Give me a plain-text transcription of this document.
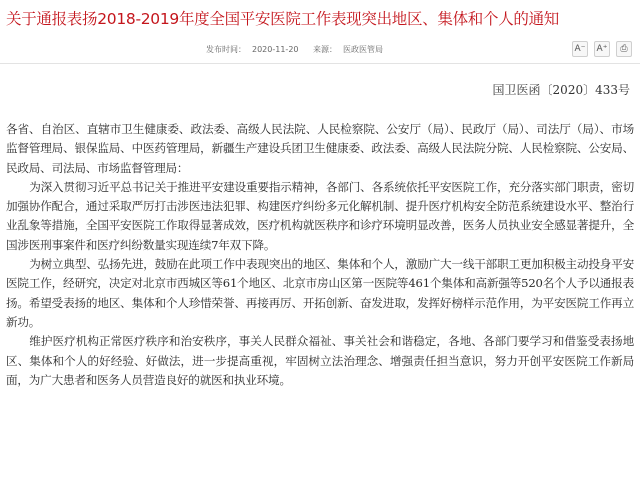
关于通报表扬2018-2019年度全国平安医院工作表现突出地区、集体和个人的通知
发布时间： 2020-11-20 来源： 医政医管局	A⁻ A⁺	⎙
国卫医函〔2020〕433号

各省、自治区、直辖市卫生健康委、政法委、高级人民法院、人民检察院、公安厅（局）、民政厅（局）、司法厅（局）、市场监督管理局、银保监局、中医药管理局，新疆生产建设兵团卫生健康委、政法委、高级人民法院分院、人民检察院、公安局、民政局、司法局、市场监督管理局：

为深入贯彻习近平总书记关于推进平安建设重要指示精神，各部门、各系统依托平安医院工作，充分落实部门职责，密切加强协作配合，通过采取严厉打击涉医违法犯罪、构建医疗纠纷多元化解机制、提升医疗机构安全防范系统建设水平、整治行业乱象等措施，全国平安医院工作取得显著成效，医疗机构就医秩序和诊疗环境明显改善，医务人员执业安全感显著提升，全国涉医刑事案件和医疗纠纷数量实现连续7年双下降。

为树立典型、弘扬先进，鼓励在此项工作中表现突出的地区、集体和个人，激励广大一线干部职工更加积极主动投身平安医院工作，经研究，决定对北京市西城区等61个地区、北京市房山区第一医院等461个集体和高新强等520名个人予以通报表扬。希望受表扬的地区、集体和个人珍惜荣誉、再接再厉、开拓创新、奋发进取，发挥好榜样示范作用，为平安医院工作再立新功。

维护医疗机构正常医疗秩序和治安秩序，事关人民群众福祉、事关社会和谐稳定，各地、各部门要学习和借鉴受表扬地区、集体和个人的好经验、好做法，进一步提高重视，牢固树立法治理念、增强责任担当意识，努力开创平安医院工作新局面，为广大患者和医务人员营造良好的就医和执业环境。
